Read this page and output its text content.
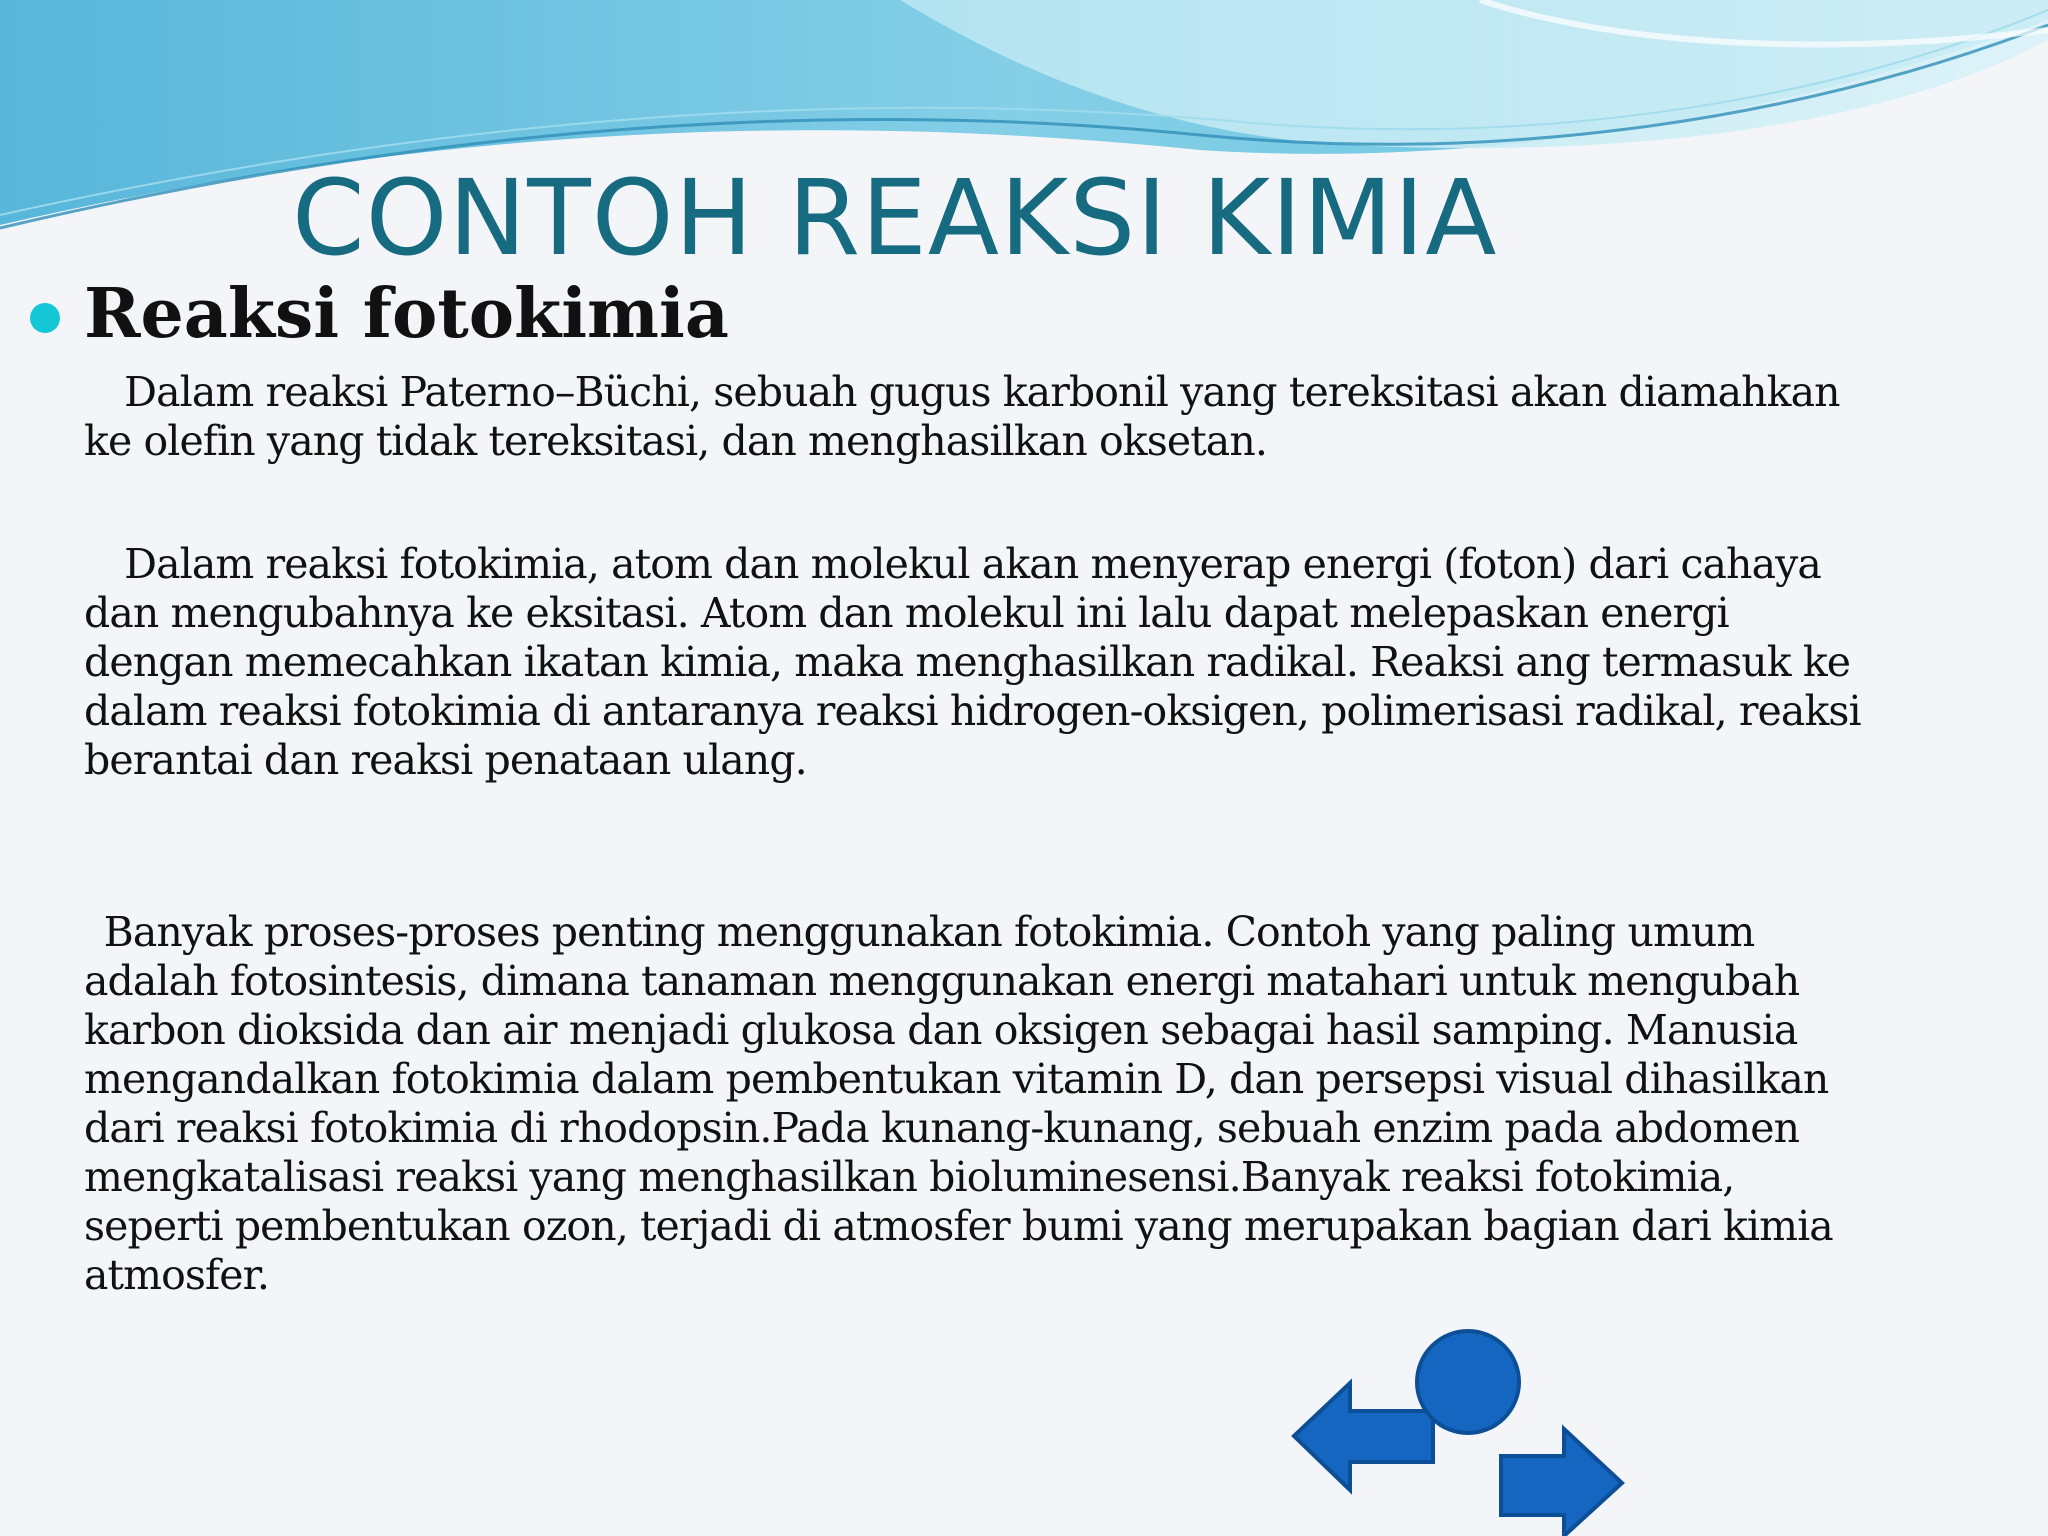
CONTOH REAKSI KIMIA
Reaksi fotokimia

 Dalam reaksi Paterno–Büchi, sebuah gugus karbonil yang tereksitasi akan diamahkan ke olefin yang tidak tereksitasi, dan menghasilkan oksetan.

 Dalam reaksi fotokimia, atom dan molekul akan menyerap energi (foton) dari cahaya dan mengubahnya ke eksitasi. Atom dan molekul ini lalu dapat melepaskan energi dengan memecahkan ikatan kimia, maka menghasilkan radikal. Reaksi ang termasuk ke dalam reaksi fotokimia di antaranya reaksi hidrogen-oksigen, polimerisasi radikal, reaksi berantai dan reaksi penataan ulang.

 Banyak proses-proses penting menggunakan fotokimia. Contoh yang paling umum adalah fotosintesis, dimana tanaman menggunakan energi matahari untuk mengubah karbon dioksida dan air menjadi glukosa dan oksigen sebagai hasil samping. Manusia mengandalkan fotokimia dalam pembentukan vitamin D, dan persepsi visual dihasilkan dari reaksi fotokimia di rhodopsin.Pada kunang-kunang, sebuah enzim pada abdomen mengkatalisasi reaksi yang menghasilkan bioluminesensi.Banyak reaksi fotokimia, seperti pembentukan ozon, terjadi di atmosfer bumi yang merupakan bagian dari kimia atmosfer.
